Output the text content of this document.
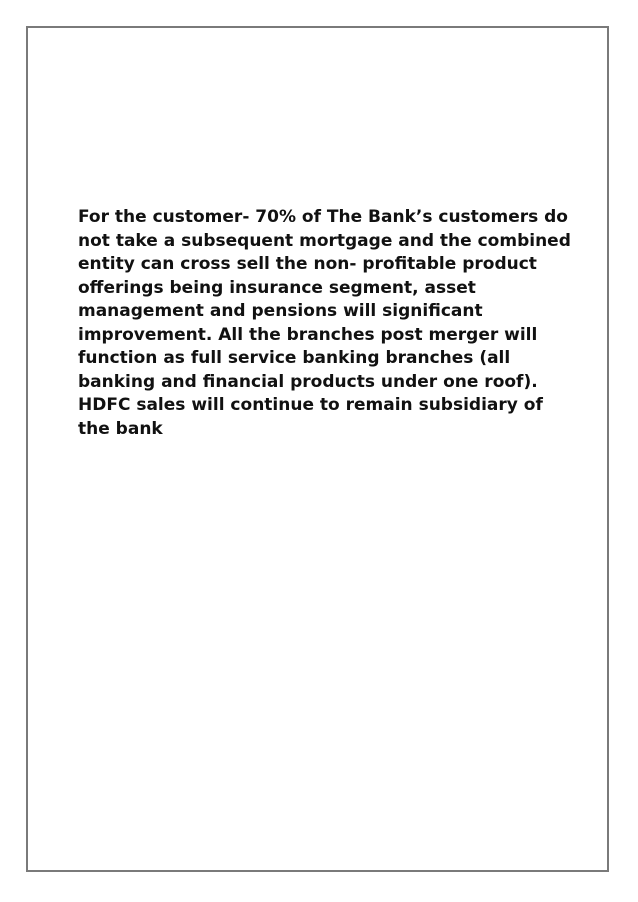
For the customer- 70% of The Bank’s customers do
not take a subsequent mortgage and the combined
entity can cross sell the non- profitable product
offerings being insurance segment, asset
management and pensions will significant
improvement. All the branches post merger will
function as full service banking branches (all
banking and financial products under one roof).
HDFC sales will continue to remain subsidiary of
the bank
